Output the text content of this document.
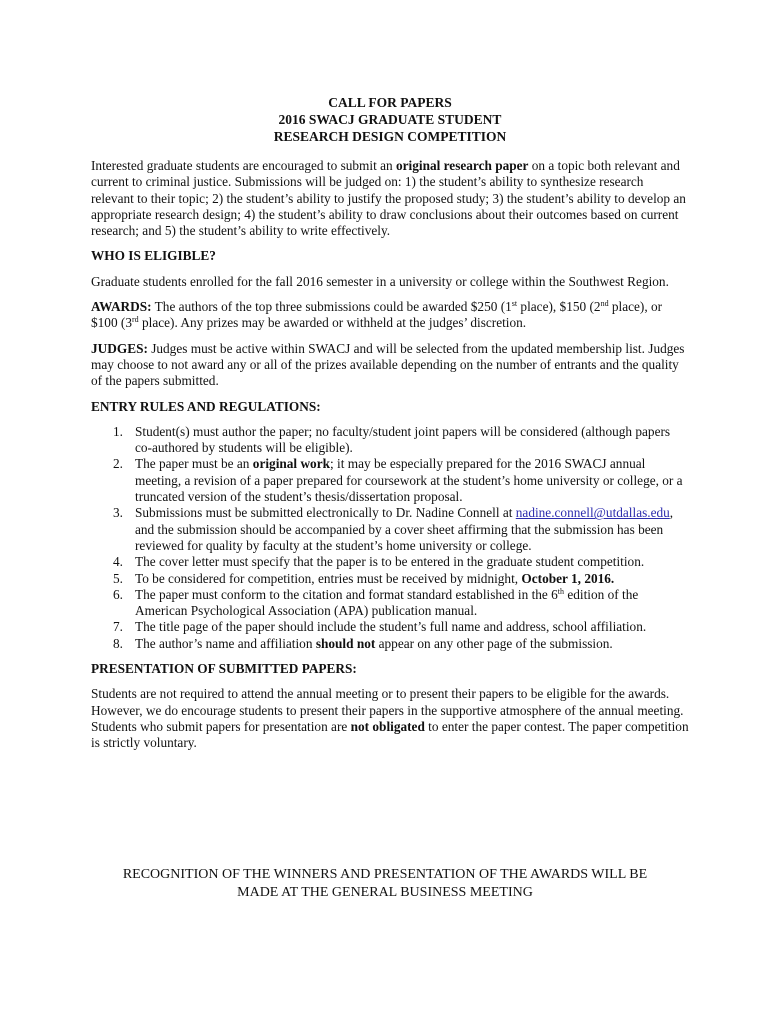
CALL FOR PAPERS
2016 SWACJ GRADUATE STUDENT
RESEARCH DESIGN COMPETITION

Interested graduate students are encouraged to submit an original research paper on a topic both relevant and current to criminal justice. Submissions will be judged on: 1) the student’s ability to synthesize research relevant to their topic; 2) the student’s ability to justify the proposed study; 3) the student’s ability to develop an appropriate research design; 4) the student’s ability to draw conclusions about their outcomes based on current research; and 5) the student’s ability to write effectively.

WHO IS ELIGIBLE?

Graduate students enrolled for the fall 2016 semester in a university or college within the Southwest Region.

AWARDS: The authors of the top three submissions could be awarded $250 (1st place), $150 (2nd place), or $100 (3rd place). Any prizes may be awarded or withheld at the judges’ discretion.

JUDGES: Judges must be active within SWACJ and will be selected from the updated membership list. Judges may choose to not award any or all of the prizes available depending on the number of entrants and the quality of the papers submitted.

ENTRY RULES AND REGULATIONS:

1. Student(s) must author the paper; no faculty/student joint papers will be considered (although papers co-authored by students will be eligible).
2. The paper must be an original work; it may be especially prepared for the 2016 SWACJ annual meeting, a revision of a paper prepared for coursework at the student’s home university or college, or a truncated version of the student’s thesis/dissertation proposal.
3. Submissions must be submitted electronically to Dr. Nadine Connell at nadine.connell@utdallas.edu, and the submission should be accompanied by a cover sheet affirming that the submission has been reviewed for quality by faculty at the student’s home university or college.
4. The cover letter must specify that the paper is to be entered in the graduate student competition.
5. To be considered for competition, entries must be received by midnight, October 1, 2016.
6. The paper must conform to the citation and format standard established in the 6th edition of the American Psychological Association (APA) publication manual.
7. The title page of the paper should include the student’s full name and address, school affiliation.
8. The author’s name and affiliation should not appear on any other page of the submission.

PRESENTATION OF SUBMITTED PAPERS:

Students are not required to attend the annual meeting or to present their papers to be eligible for the awards. However, we do encourage students to present their papers in the supportive atmosphere of the annual meeting. Students who submit papers for presentation are not obligated to enter the paper contest. The paper competition is strictly voluntary.

RECOGNITION OF THE WINNERS AND PRESENTATION OF THE AWARDS WILL BE
MADE AT THE GENERAL BUSINESS MEETING
